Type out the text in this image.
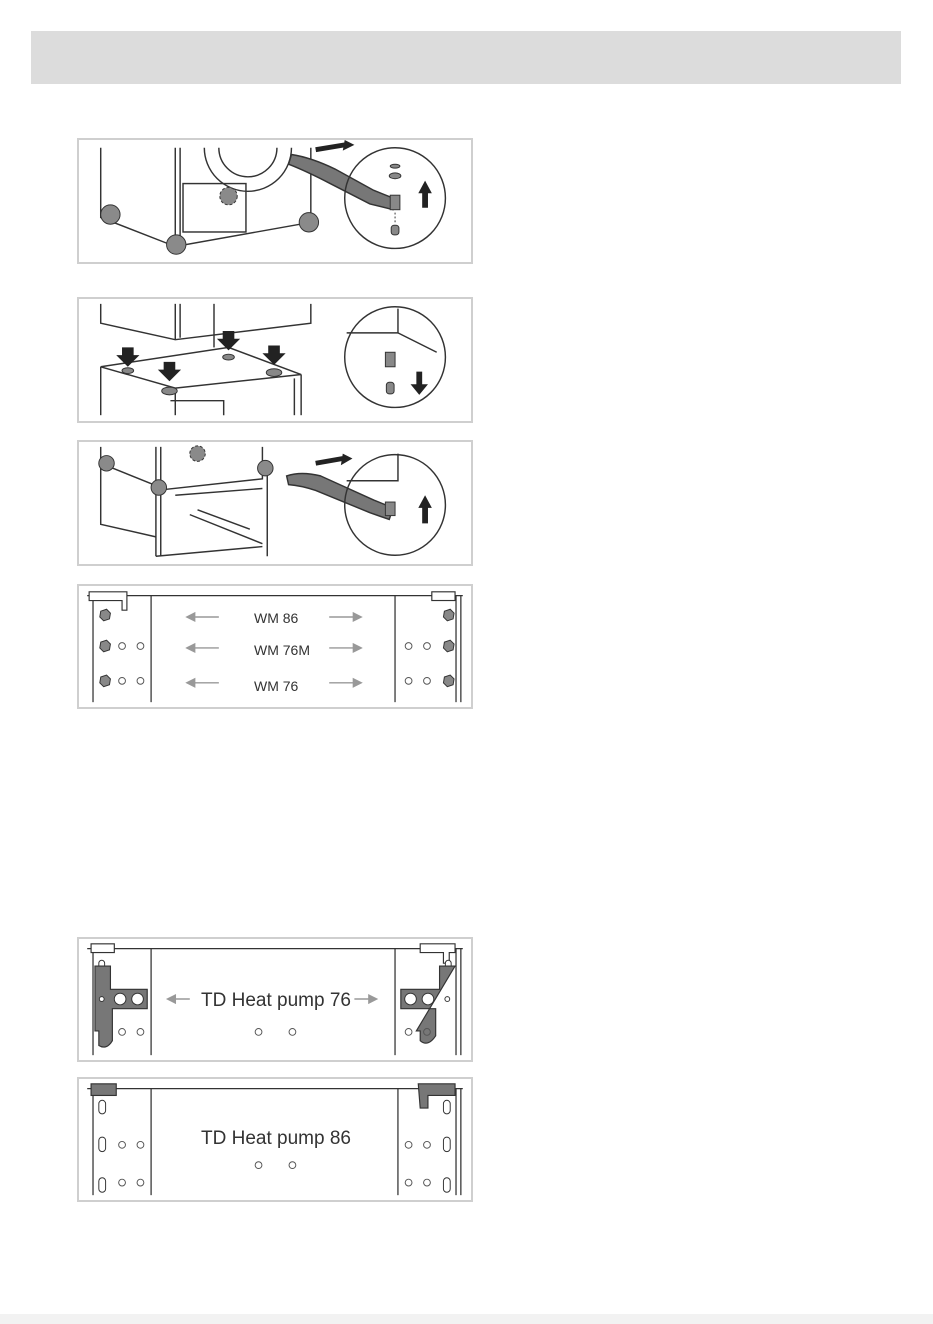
WM 86
WM 76M
WM 76
TD Heat pump 76
TD Heat pump 86
